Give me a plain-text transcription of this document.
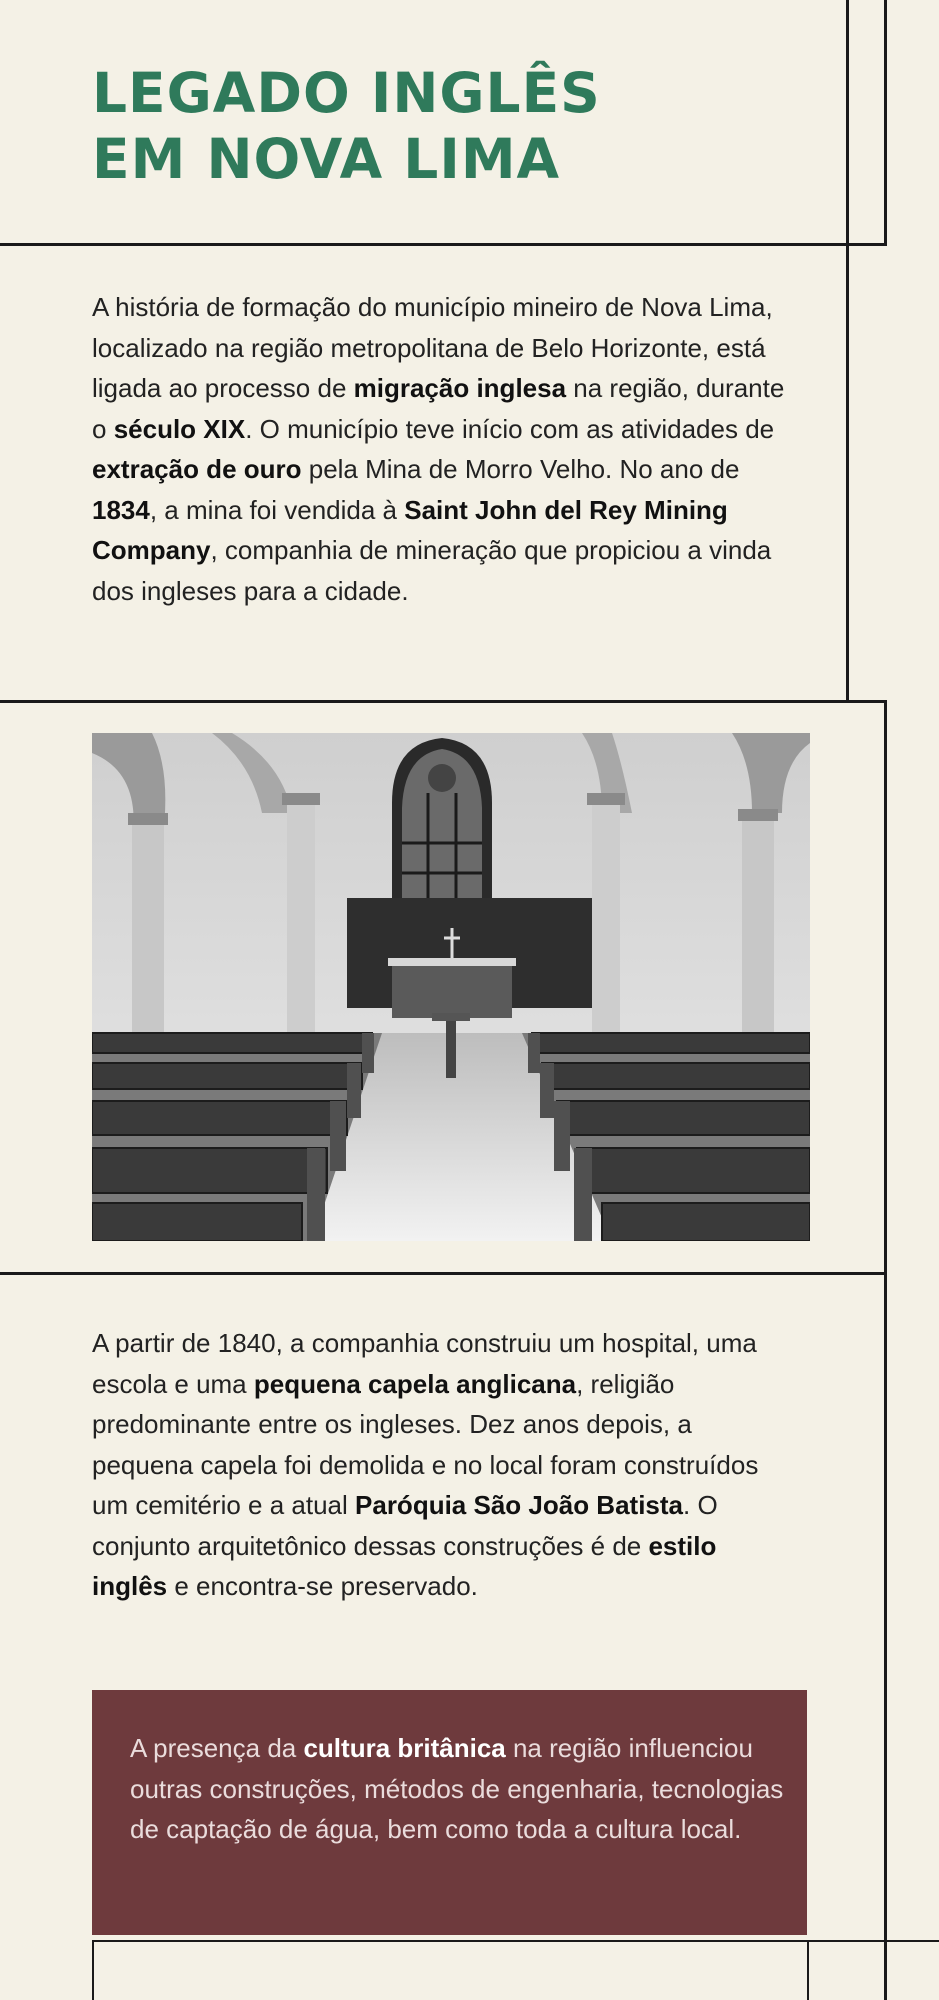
LEGADO INGLÊS
EM NOVA LIMA

A história de formação do município mineiro de Nova Lima, localizado na região metropolitana de Belo Horizonte, está ligada ao processo de migração inglesa na região, durante o século XIX. O município teve início com as atividades de extração de ouro pela Mina de Morro Velho. No ano de 1834, a mina foi vendida à Saint John del Rey Mining Company, companhia de mineração que propiciou a vinda dos ingleses para a cidade.

A partir de 1840, a companhia construiu um hospital, uma escola e uma pequena capela anglicana, religião predominante entre os ingleses. Dez anos depois, a pequena capela foi demolida e no local foram construídos um cemitério e a atual Paróquia São João Batista. O conjunto arquitetônico dessas construções é de estilo inglês e encontra-se preservado.

A presença da cultura britânica na região influenciou outras construções, métodos de engenharia, tecnologias de captação de água, bem como toda a cultura local.
